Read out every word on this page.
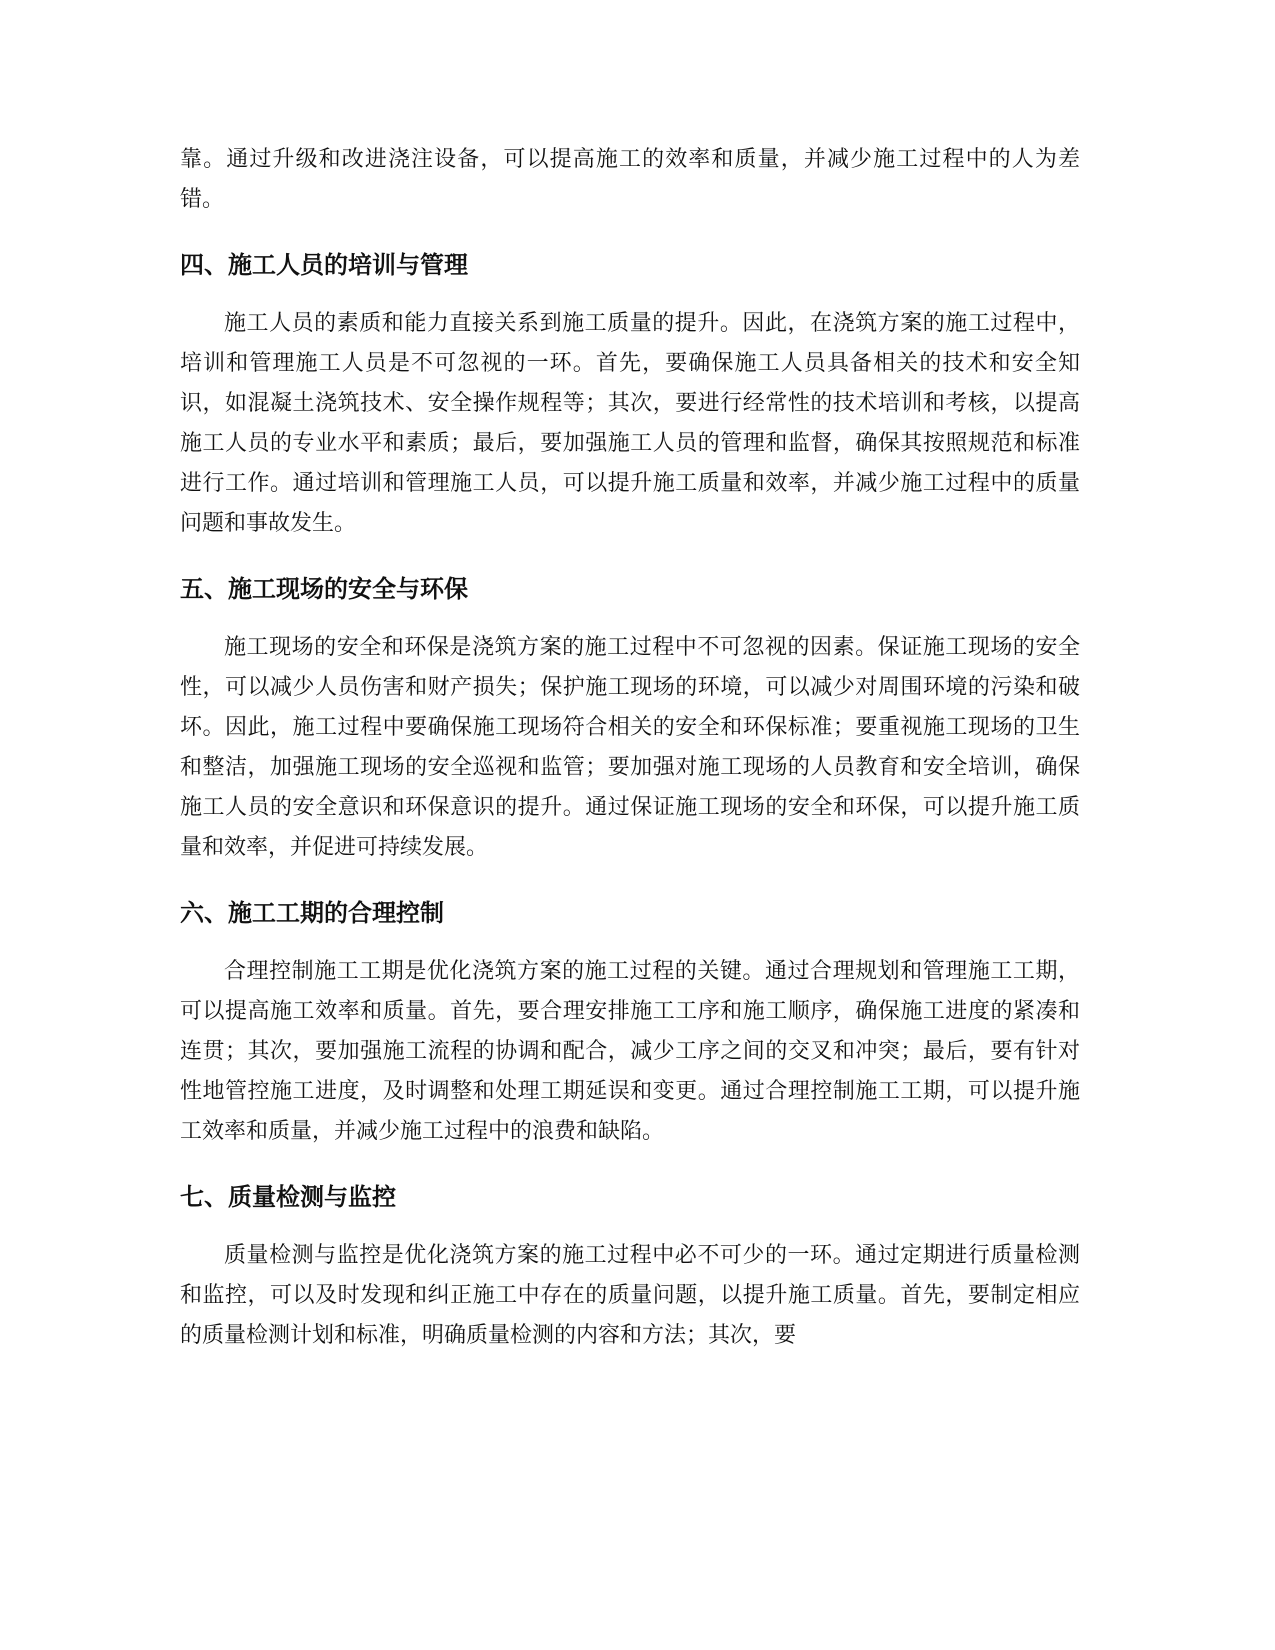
靠。通过升级和改进浇注设备，可以提高施工的效率和质量，并减少施工过程中的人为差错。

四、施工人员的培训与管理

施工人员的素质和能力直接关系到施工质量的提升。因此，在浇筑方案的施工过程中，培训和管理施工人员是不可忽视的一环。首先，要确保施工人员具备相关的技术和安全知识，如混凝土浇筑技术、安全操作规程等；其次，要进行经常性的技术培训和考核，以提高施工人员的专业水平和素质；最后，要加强施工人员的管理和监督，确保其按照规范和标准进行工作。通过培训和管理施工人员，可以提升施工质量和效率，并减少施工过程中的质量问题和事故发生。

五、施工现场的安全与环保

施工现场的安全和环保是浇筑方案的施工过程中不可忽视的因素。保证施工现场的安全性，可以减少人员伤害和财产损失；保护施工现场的环境，可以减少对周围环境的污染和破坏。因此，施工过程中要确保施工现场符合相关的安全和环保标准；要重视施工现场的卫生和整洁，加强施工现场的安全巡视和监管；要加强对施工现场的人员教育和安全培训，确保施工人员的安全意识和环保意识的提升。通过保证施工现场的安全和环保，可以提升施工质量和效率，并促进可持续发展。

六、施工工期的合理控制

合理控制施工工期是优化浇筑方案的施工过程的关键。通过合理规划和管理施工工期，可以提高施工效率和质量。首先，要合理安排施工工序和施工顺序，确保施工进度的紧凑和连贯；其次，要加强施工流程的协调和配合，减少工序之间的交叉和冲突；最后，要有针对性地管控施工进度，及时调整和处理工期延误和变更。通过合理控制施工工期，可以提升施工效率和质量，并减少施工过程中的浪费和缺陷。

七、质量检测与监控

质量检测与监控是优化浇筑方案的施工过程中必不可少的一环。通过定期进行质量检测和监控，可以及时发现和纠正施工中存在的质量问题，以提升施工质量。首先，要制定相应的质量检测计划和标准，明确质量检测的内容和方法；其次，要
